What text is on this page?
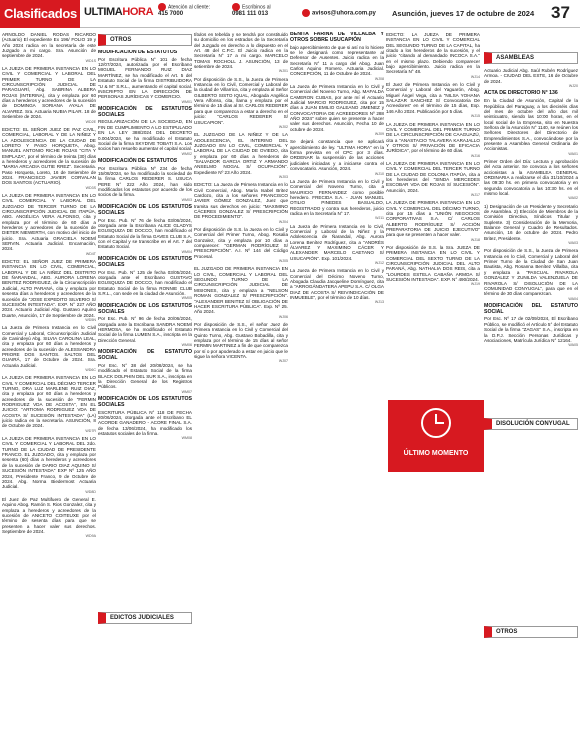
Clasificados ULTIMAHORA	Atención al cliente:
415 7000
Escríbinos al
0981 111 013	avisos@uhora.com.py Asunción, jueves 17 de octubre de 2024 37

ARNOLDO DANIEL RODAS RICARDO (Actuario) El expediente Ex 196/ FOLIO 19 y Año 2024 radica en la secretaría de este Juzgado a mi cargo. Sra. Asunción de septiembre de 2024.
WD1S

LA JUEZA DE PRIMERA INSTANCIA EN LO CIVIL Y COMERCIAL Y LABORAL DEL PRIMER TURNO DE LA CIRCUNSCRIPCIÓN JUDICIAL DE PARAGUARÍ, Abg. SABRINA ALBERA ROJAS (INTERINA), cita y emplaza por 60 días a herederos y acreedores de la sucesión de DOMINGA SORIANA AYALA DE ALVAREZ. Sra. Actuaria NUBIA PILAR. 18 de Setiembre de 2024.
WD2E

EDICTO: EL SEÑOR JUEZ DE PAZ CIVIL, COMERCIAL, LABORAL Y DE LA NIÑEZ Y LA ADOLESCENCIA DE LA CIUDAD DE LORETO Y PASO HORQUETA, Abog. MANUEL ANTONIO RICHE ROJAS "CITA Y EMPLAZA", por el término de treinta (30) días a herederos y acreedores de la sucesión de "MARIA ARCADIA GUTIE RREZ". Secretaria. Paso Horqueta, Loreto, 16 de Setiembre de 2024. FRANCISCO JAVIER CORVALAN DOS SANTOS (ACTUARIO).
WD3S

LA JUEZA DE PRIMERA INSTANCIA EN LO CIVIL COMERCIAL Y LABORAL DEL JUZGADO DE TERCER TURNO DE LA CIRCUNSCRIPCIÓN JUDICIAL DE ITAPÚA, ABG. ANGÉLICA VERA ALFONSO, cita y emplaza por el término de 60 días a herederos y acreedores de la sucesión de DIETER NIEWERTH, con motivo del inicio de juicio. Sra. Actuaria GRACIELA NOEMÍ SERVIN. Actuaria Judicial. Encarnación, 2024.
WD4T

EDICTO: EL SEÑOR JUEZ DE PRIMERA INSTANCIA EN LO CIVIL, COMERCIAL, LABORAL Y DE LA NIÑEZ DEL DISTRITO DE ÑARANDAL, ABG. AURORA LORENA BENITEZ RODRIGUEZ, de la Circunscripción Judicial, ALTO PARANÁ, cita y emplaza por sesenta días a herederos y acreedores de la sucesión de "JOSE EXPEDITO SILVERIO S/ SUCESIÓN INTESTADA". EXP. N° 227 AÑO 2024. Actuario Judicial Abg. Gustavo Aquino Duarte, Asunción, 17 de Septiembre de 2024.
WD5N

La Jueza de Primera Instancia en lo Civil Comercial y Laboral, Circunscripción Judicial de Canindeyú Abg. SILVIA CAROLINA LEAL, cita y emplaza por 60 días a herederos y acreedores de la sucesión de ALESSANDRA PRIORE DOS SANTOS. SALTOS DEL GUAIRÁ, 17 de Octubre de 2024. Sra. Actuaria Judicial.
WD6C

LA JUEZA DE PRIMERA INSTANCIA EN LO CIVIL Y COMERCIAL DEL DÉCIMO TERCER TURNO, DRA LUZ MARLENE RUIZ DIAZ, cita y emplaza por 60 días a herederos y acreedores de la sucesión de "FERMIN RODRIGUEZ VDA DE ACOSTA", EN EL JUICIO: "ARTIOMA RODRIGUEZ VDA DE ACOSTA S/ SUCESIÓN INTESTADA" (LA) juicio radica en la secretaría. ASUNCIÓN, 8 de Octubre de 2024.
WD7R

LA JUEZA DE PRIMERA INSTANCIA EN LO CIVIL Y COMERCIAL Y LABORAL DEL 2do. TURNO DE LA CIUDAD DE PRESIDENTE FRANCO. EL JUZGADO, cita y emplaza por sesenta (60) días a herederos y acreedores de la sucesión de DARIO DIAZ AQUINO S/ SUCESIÓN INTESTADA" EXP Nº 125 AÑO 2024, Presidente Franco, 9 de Octubre de 2024. Abg. Norma Biedermost Actuaria Judicial.
WD8D

El Juez de Paz Multifuero de General E. Aquino Abog. Ramón S. Rios Gonzalez, cita y emplaza a herederos y acreedores de la sucesión de ANICETO COITEUXE por el término de sesenta días para que se presenten a hacer valer sus derechos. Septiembre de 2024.
WD9A

MODIFICACIÓN DE ESTATUTOS
Por Escritura Pública N° 101 de fecha 12/07/2024, autorizada por el Escribano MIGUEL FERNANDO RUIZ DIAZ MARTÍNEZ, se ha modificado el Art. 5 del Estatuto Social de la firma DISTRIBUIDORA "U & M" S.R.L., aumentando el capital social. INSCRIPTO EN LA DIRECCIÓN DE PERSONAS JURÍDICAS Y COMERCIO.
WM01

MODIFICACIÓN DE ESTATUTOS SOCIALES
REGULARIZACIÓN DE LA SOCIEDAD, EN FIN DE CUMPLIMIENTO A LO ESTIPULADO EN LA LEY 388/2024 DEL DECRETO 0.004/2024, se ha modificado el Estatuto Social de la firma SKYDIVE TOBATI S.A. Los socios han resuelto aumentar el capital social.
WM02

MODIFICACIÓN DE ESTATUTOS
Por Escritura Pública Nº 234 de fecha 15/08/2024, se ha modificado la sociedad de la firma CARLOS REDERER S. USUCA PERE N° 222 Año 2024, han sido modificados los estatutos por acuerdo de los socios de la firma.
WM03

MODIFICACIÓN DE LOS ESTATUTOS SOCIALES
Por Esc. Pub. N° 76 de fecha 03/06/2024, otorgada ante la Escribana ALICE GLADYS EGUSQUIZA DE DOCCO, han modificado el Estatuto Social de la firma GAVES CLUB S.A. con el Capital y se transcribe en el Art. 7 del Estatuto Social.
WM04

MODIFICACIÓN DE LOS ESTATUTOS SOCIALES
Por Esc. Pub. N° 125 de fecha 03/05/2024, otorgada ante el Escribano GUSTAVO EGUSQUIZA DE DOCCO, han modificado el Estatuto Social de la firma RONNIE CLUB S.R.L., con sede en la ciudad de Asunción.
WM05

MODIFICACIÓN DE LOS ESTATUTOS SOCIALES
Por Esc. Pub. N° 96 de fecha 20/06/2024, otorgada ante la Escribana SANDRA NOEMÍ HERMOSA, se ha modificado el Estatuto Social de la firma LUMEN S.A., inscripta en la Dirección General.
WM06

MODIFICACIÓN DE ESTATUTO SOCIAL
Por Esc. N° 38 del 20/08/2024, se ha modificado el Estatuto Social de la firma BLACK DOLPHIN DEL SUR S.A., inscripta en la Dirección General de los Registros Públicos.
WM07

MODIFICACIÓN DE LOS ESTATUTOS SOCIALES
ESCRITURA PÚBLICA N° 118 DE FECHA 20/06/2024, otorgada ante el Escribano EL ACORDE GANADERO - ACORE FINAL S.A. de fecha 13/06/2024, ha modificado los estatutos sociales de la firma.
WM08

títulos en tebelda y se tendrá por constituido su domicilio en los estrados de la Secretaría del Juzgado en derecho a lo dispuesto en el Art. 48 del C.P.C. El Juicio radica en la Secretaría N° 17 a mi cargo. MARCELO TOMAS ROCHOLL J. ASUNCIÓN, 13 de setiembre de 2024.
WJ01

Por disposición de S.S., la Jueza de Primera Instancia en lo Civil, Comercial y Laboral de la ciudad de Villarrica, cita y emplaza al Señor GILBERTO SISTO IQUAL, Abogada Angélica Vera Alfonso, cita, llama y emplaza por el término de 15 días al Sr. CARLOS REDERER para que comparezca a estar a derecho en el juicio: "CARLOS REDERER S/ USUCAPION".
WJ02

EL JUZGADO DE LA NIÑEZ Y DE LA ADOLESCENCIA, EL INTERINO DEL JUZGADO EN LO CIVIL, COMERCIAL Y LABORAL DE LA CIUDAD DE OVIEDO, cita y emplaza por 60 días a herederos de "SALVADOR GARCIA ORTIZ Y ARMANDO ANSELMO NOGAL S/ OCUPACIÓN". Expediente Nº 23 Año 2024.
WJ03

EDICTO: La Jueza de Primera Instancia en lo Civil Comercial, Abog. María Isabel Britez Cardozo, cita a los señores FRANCISCO JAVIER GÓMEZ GONZALEZ, Juez que tramita sus derechos en juicio: "MAXIMINO CÁCERES GONZALEZ S/ PRESCRIPCIÓN DE PROCEDIMIENTO".
WJ04

Por disposición de S.S. la Jueza en lo Civil y Comercial del Primer Turno, Abog. Rosalia Gonzalez, cita y emplaza por 10 días a comparecer: "GERMAN RODRÍGUEZ S/ PRESCRIPCIÓN". A.I. Nº 144 del Código Procesal.
WJ05

EL JUZGADO DE PRIMERA INSTANCIA EN LO CIVIL, COMERCIAL Y LABORAL DEL SEGUNDO TURNO DE LA CIRCUNSCRIPCIÓN JUDICIAL DE MISIONES, cita y emplaza a "NELSON ROMAN GONZALEZ S/ PRESCRIPCIÓN". "ALEXANDER BENITEZ S/ OBLIGACIÓN DE HACER ESCRITURA PÚBLICA". Exp. Nº 25. Año 2024.
WJ06

Por disposición de S.S., el señor Juez de Primera Instancia en lo Civil y Comercial del Quinto Turno, Abg. Gustavo Bobadilla, cita y emplaza por el término de 15 días al señor FERMIN MARTINEZ a fin de que comparezca por sí o por apoderado a estar en juicio que le sigue la señora VICENTA.
WJ07

BENITA FARIÑA DE VILLALBA Y OTROS SOBRE USUCAPIÓN
bajo apercibimiento de que si así no lo hiciere se le designará como representante al Defensor de Ausentes. Juicio radica en la Secretaría N° 11 a cargo del Abog. Juan Carlos Aquino Romero. Actuaria Judicial. CONCEPCIÓN, 11 de Octubre de 2024.
WJ08

La Jueza de Primera Instancia en lo Civil y Comercial del Noveno Turno, Abg. MAFALDA CAMERON CUBAS, por ante mí el Actuario Judicial MARCIO RODRIGUEZ, cita por 15 días a JUAN EMILIO GALEANO JIMENEZ y CONVOCATORIA DE ACREEDORES Nº 288 AÑO 2024" sobre quien se presente a hacer valer sus derechos. Asunción, Fecha 10 de octubre de 2024.
WJ09

Se dejará constancia que se aplicará apercibimiento de ley. "ULTIMA HORA" en la forma prevista en el CPC por 3 días. ORDENAR la suspensión de las acciones judiciales iniciadas y a iniciarse contra el convocatario. Asunción, 2024.
WJ10

La Jueza de Primera Instancia en lo Civil y Comercial del Noveno Turno, cita a MAURICIO FERNANDEZ como posible heredero. FRECIDA S.A. - JUAN MANUEL OTILIO PINEDES BASUALDO, REGISTRADO y contra sus herederos, juicio radica en la Secretaría N° 17.
WJ11

La Jueza de Primera Instancia en lo Civil, Comercial y Laboral de la Niñez y la Adolescencia de Ñarandal, Abg. Aurora Lorena Benítez Rodríguez, cita a "ANDRÉS ÁLVAREZ Y MAXIMINO CÁCER Y ALEXANDER MARCELO CAETANO S/ USUCAPIÓN". Exp. 101/2024.
WJ12

La Jueza de Primera Instancia en lo Civil y Comercial del Décimo Noveno Turno, Abogada Claudia Jacqueline Domínguez, cita a "ARROGÁNDATERA APEPU S.A. C/ OLGA DIAZ DE ACOSTA S/ REIVINDICACIÓN DE INMUEBLE", por el término de 10 días.
WJ13

EDICTO: LA JUEZA DE PRIMERA INSTANCIA EN LO CIVIL Y COMERCIAL DEL SEGUNDO TURNO DE LA CAPITAL, ha citado a los herederos de la sucesión, y el juicio "citando al demandado INCOCA S.A." en el mismo plazo. Debiendo comparecer bajo apercibimiento. Juicio radica en la Secretaría N° 48.
WJ14

El Juez de Primera Instancia en lo Civil y Comercial y Laboral del Yaguarón, Abog. Miguel Ángel Vega, cita a "NILSA YOHANA SALAZAR SANCHEZ S/ Convocatoria De Acreedores" en el término de 15 días, Exp. 146 Año 2024. Publicación por 5 días.
WJ15

LA JUEZA DE PRIMERA INSTANCIA EN LO CIVIL Y COMERCIAL DEL PRIMER TURNO DE LA CIRCUNSCRIPCIÓN DE CAAGUAZÚ, cita a "ANASTACIO TALAVERA KARAJALLO Y OTROS S/ PRIVACIÓN DE EFICACIA JURÍDICA", por el término de 60 días.
WJ16

LA JUEZA DE PRIMERA INSTANCIA EN LO CIVIL Y COMERCIAL DEL TERCER TURNO DE LA CIUDAD DE COLONIA ITAPÚA, cita a los herederos del "SINDA MERCEDES ESCOBAR VDA DE ROJAS S/ SUCESIÓN". Asunción, 2024.
WJ17

LA JUEZA DE PRIMERA INSTANCIA EN LO CIVIL Y COMERCIAL DEL DÉCIMO TURNO, cita por 15 días a "UNIÓN NEGOCIOS CORPORATIVAS S.A. C/ CARLOS ALBERTO RODRÍGUEZ S/ ACCIÓN PREPARATORIA DE JUICIO EJECUTIVO" para que se presenten a hacer valer.
WJ18

Por disposición de S.S. la Sra. JUEZA DE PRIMERA INSTANCIA EN LO CIVIL Y COMERCIAL DEL SEXTO TURNO DE LA CIRCUNSCRIPCIÓN JUDICIAL DEL ALTO PARANÁ, Abg. NATHALIA DOS REIS, cita a "LOURDES ESTELA CABAÑA ARMOA S/ SUCESIÓN INTESTADA". EXP. N° 490/2024.
WJ19

Actuario Judicial Abg. Saúl Rubén Rodríguez Armoa. - CIUDAD DEL ESTE, 16 de Octubre de 2024.
WJ20

ACTA DE DIRECTORIO N° 136
En la Ciudad de Asunción, Capital de la República del Paraguay, a los dieciséis días del mes de octubre del año dos mil veinticuatro, siendo las 10:00 horas, en el local social de la Empresa, sito en Nuestra Señora de la Asunción N° 1140, se reúnen los Señores Directores del Directorio de Emprendimientos S.A., convocándose por la presente a Asamblea General Ordinaria de Accionistas.
WA01

Primer Orden del Día: Lectura y aprobación del Acta anterior. Se convoca a los señores accionistas a la ASAMBLEA GENERAL ORDINARIA a realizarse el día 31/10/2024 a las 09:30 hs. en primera convocatoria y en segunda convocatoria a las 10:30 hs. en el mismo local.
WA02

1) Designación de un Presidente y Secretario de Asamblea. 2) Elección de Miembros de la Comisión Directiva, Síndicos Titular y Suplente. 3) Consideración de la Memoria, Balance General y Cuadro de Resultados. Asunción, 16 de octubre de 2024. Pedro Britez, Presidente.
WA03

Por disposición de S.S., la Jueza de Primera Instancia en lo Civil, Comercial y Laboral del Primer Turno de la Ciudad de San Juan Bautista, Abg. Rosanna Benítez Villalba, cita y emplaza a "PASCUAL RIVAROLA GONZALEZ Y ZUNILDA VALENZUELA DE RIVAROLA S/ DISOLUCIÓN DE LA COMUNIDAD CONYUGAL", para que en el término de 30 días comparezcan.
WA04

MODIFICACIÓN DEL ESTATUTO SOCIAL
Por Esc. Nº 17 de 02/09/2024, El Escribano Público, se modificó el Artículo 5° del Estatuto Social de la firma "ZAGAS" S.A., inscripta en la D.P.J. Sección Personas Jurídicas y Asociaciones, Matrícula Jurídica N° 12164.
WA05

OTROS
EDICTOS JUDICIALES
ASAMBLEAS
DISOLUCIÓN CONYUGAL
OTROS
ÚLTIMO MOMENTO
